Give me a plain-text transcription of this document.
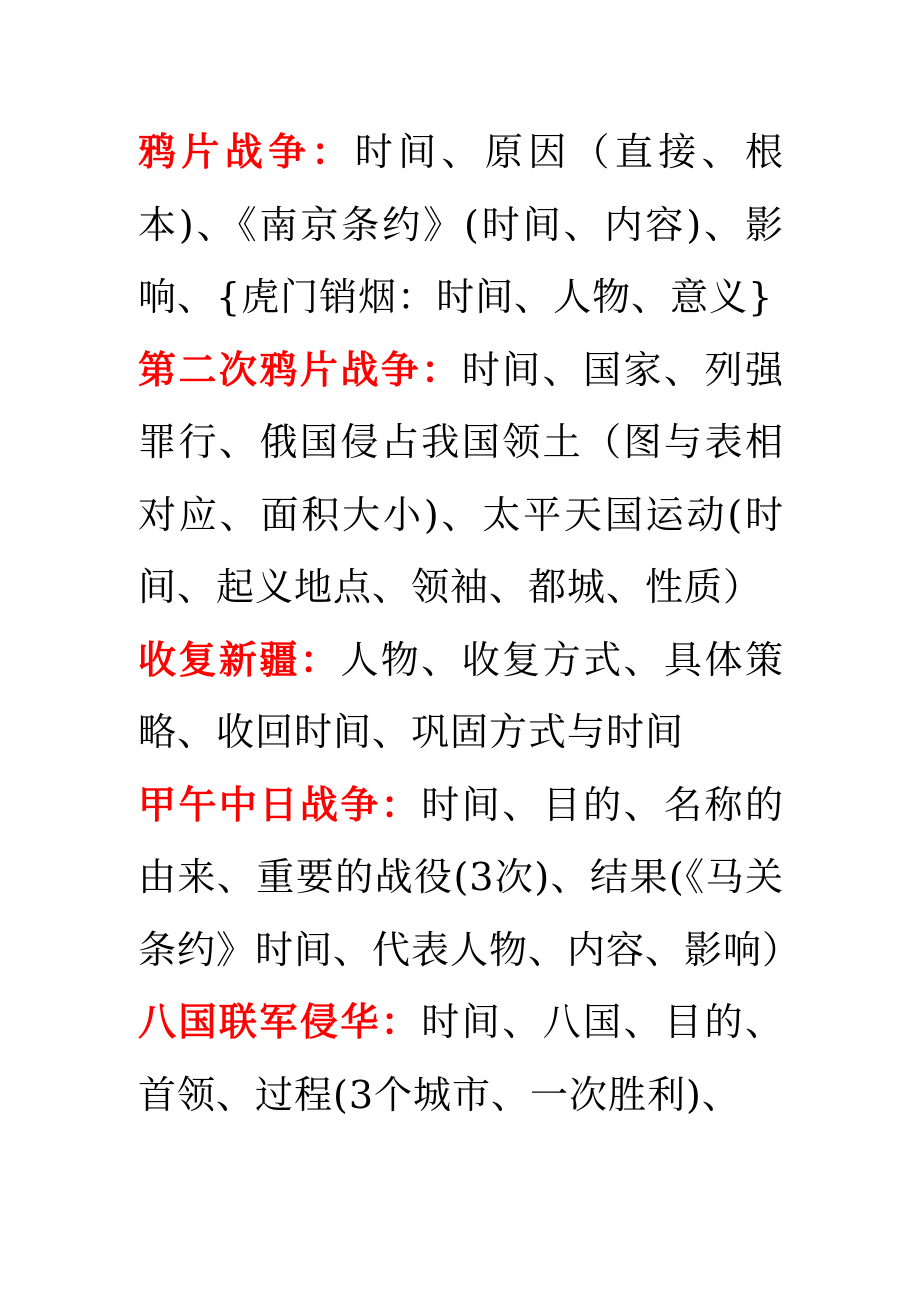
鸦片战争：时间、原因（直接、根本)、《南京条约》(时间、内容)、影响、{虎门销烟：时间、人物、意义}

第二次鸦片战争：时间、国家、列强罪行、俄国侵占我国领土（图与表相对应、面积大小)、太平天国运动(时间、起义地点、领袖、都城、性质）

收复新疆：人物、收复方式、具体策略、收回时间、巩固方式与时间

甲午中日战争：时间、目的、名称的由来、重要的战役(3次)、结果(《马关条约》时间、代表人物、内容、影响）

八国联军侵华：时间、八国、目的、首领、过程(3个城市、一次胜利)、
